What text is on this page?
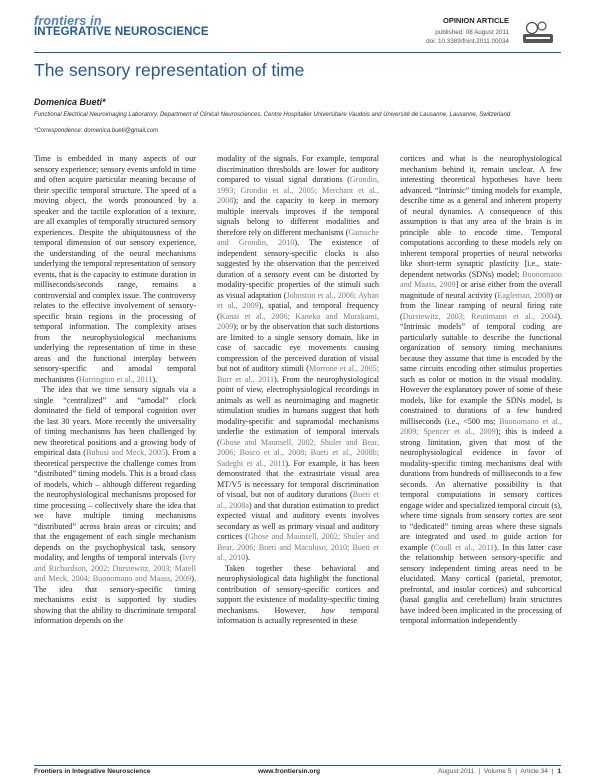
frontiers in
INTEGRATIVE NEUROSCIENCE
OPINION ARTICLE
published: 08 August 2011
doi: 10.3389/fnint.2011.00034
The sensory representation of time
Domenica Bueti*
Functional Electrical Neuroimaging Laboratory, Department of Clinical Neurosciences, Centre Hospitalier Universitaire Vaudois and Université de Lausanne, Lausanne, Switzerland
*Correspondence: domenica.bueti@gmail.com

Time is embedded in many aspects of our sensory experience; sensory events unfold in time and often acquire particular meaning because of their specific temporal structure. The speed of a moving object, the words pronounced by a speaker and the tactile exploration of a texture, are all examples of temporally structured sensory experiences. Despite the ubiquitousness of the temporal dimension of our sensory experience, the understanding of the neural mechanisms underlying the temporal representation of sensory events, that is the capacity to estimate duration in milliseconds/seconds range, remains a controversial and complex issue. The controversy relates to the effective involvement of sensory-specific brain regions in the processing of temporal information. The complexity arises from the neurophysiological mechanisms underlying the representation of time in these areas and the functional interplay between sensory-specific and amodal temporal mechanisms (Harrington et al., 2011).

The idea that we time sensory signals via a single “centralized” and “amodal” clock dominated the field of temporal cognition over the last 30 years. More recently the universality of timing mechanisms has been challenged by new theoretical positions and a growing body of empirical data (Buhusi and Meck, 2005). From a theoretical perspective the challenge comes from “distributed” timing models. This is a broad class of models, which – although different regarding the neurophysiological mechanisms proposed for time processing – collectively share the idea that we have multiple timing mechanisms “distributed” across brain areas or circuits; and that the engagement of each single mechanism depends on the psychophysical task, sensory modality, and lengths of temporal intervals (Ivry and Richardson, 2002; Durstewitz, 2003; Matell and Meck, 2004; Buonomano and Maass, 2009). The idea that sensory-specific timing mechanisms exist is supported by studies showing that the ability to discriminate temporal information depends on the

modality of the signals. For example, temporal discrimination thresholds are lower for auditory compared to visual signal durations (Grondin, 1993; Grondin et al., 2005; Merchant et al., 2008); and the capacity to keep in memory multiple intervals improves if the temporal signals belong to different modalities and therefore rely on different mechanisms (Gamache and Grondin, 2010). The existence of independent sensory-specific clocks is also suggested by the observation that the perceived duration of a sensory event can be distorted by modality-specific properties of the stimuli such as visual adaptation (Johnston et al., 2006; Ayhan et al., 2009), spatial, and temporal frequency (Kanai et al., 2006; Kaneko and Murakami, 2009); or by the observation that such distortions are limited to a single sensory domain, like in case of saccadic eye movements causing compression of the perceived duration of visual but not of auditory stimuli (Morrone et al., 2005; Burr et al., 2011). From the neurophysiological point of view, electrophysiological recordings in animals as well as neuroimaging and magnetic stimulation studies in humans suggest that both modality-specific and supramodal mechanisms underlie the estimation of temporal intervals (Ghose and Maunsell, 2002; Shuler and Bear, 2006; Bosco et al., 2008; Bueti et al., 2008b; Sadeghi et al., 2011). For example, it has been demonstrated that the extrastriate visual area MT/V5 is necessary for temporal discrimination of visual, but not of auditory durations (Bueti et al., 2008a) and that duration estimation to predict expected visual and auditory events involves secondary as well as primary visual and auditory cortices (Ghose and Maunsell, 2002; Shuler and Bear, 2006; Bueti and Macaluso, 2010; Bueti et al., 2010).

Taken together these behavioral and neurophysiological data highlight the functional contribution of sensory-specific cortices and support the existence of modality-specific timing mechanisms. However, how temporal information is actually represented in these

cortices and what is the neurophysiological mechanism behind it, remain unclear. A few interesting theoretical hypotheses have been advanced. “Intrinsic” timing models for example, describe time as a general and inherent property of neural dynamics. A consequence of this assumption is that any area of the brain is in principle able to encode time. Temporal computations according to these models rely on inherent temporal properties of neural networks like short-term synaptic plasticity [i.e., state-dependent networks (SDNs) model; Buonomano and Maass, 2009] or arise either from the overall magnitude of neural activity (Eagleman, 2008) or from the linear ramping of neural firing rate (Durstewitz, 2003; Reutimann et al., 2004). “Intrinsic models” of temporal coding are particularly suitable to describe the functional organization of sensory timing mechanisms because they assume that time is encoded by the same circuits encoding other stimulus properties such as color or motion in the visual modality. However the explanatory power of some of these models, like for example the SDNs model, is constrained to durations of a few hundred milliseconds (i.e., <500 ms; Buonomano et al., 2009; Spencer et al., 2009); this is indeed a strong limitation, given that most of the neurophysiological evidence in favor of modality-specific timing mechanisms deal with durations from hundreds of milliseconds to a few seconds. An alternative possibility is that temporal computations in sensory cortices engage wider and specialized temporal circuit (s), where time signals from sensory cortex are sent to “dedicated” timing areas where these signals are integrated and used to guide action for example (Coull et al., 2011). In this latter case the relationship between sensory-specific and sensory independent timing areas need to be elucidated. Many cortical (parietal, premotor, prefrontal, and insular cortices) and subcortical (basal ganglia and cerebellum) brain structures have indeed been implicated in the processing of temporal information independently

Frontiers in Integrative Neuroscience	www.frontiersin.org	August 2011 | Volume 5 | Article 34 | 1
